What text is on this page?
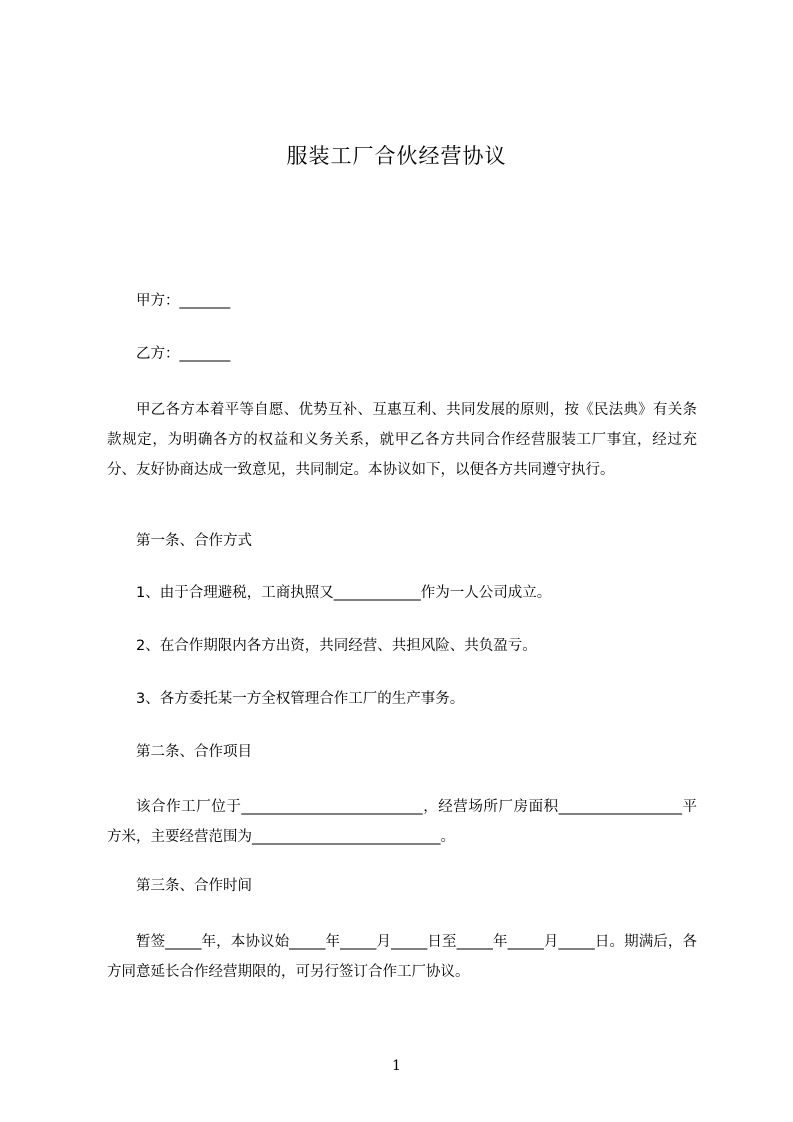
服装工厂合伙经营协议
甲方：_______
乙方：_______
甲乙各方本着平等自愿、优势互补、互惠互利、共同发展的原则，按《民法典》有关条款规定，为明确各方的权益和义务关系，就甲乙各方共同合作经营服装工厂事宜，经过充分、友好协商达成一致意见，共同制定。本协议如下，以便各方共同遵守执行。
第一条、合作方式
1、由于合理避税，工商执照又____________作为一人公司成立。
2、在合作期限内各方出资，共同经营、共担风险、共负盈亏。
3、各方委托某一方全权管理合作工厂的生产事务。
第二条、合作项目
该合作工厂位于_________________________，经营场所厂房面积_________________平方米，主要经营范围为__________________________。
第三条、合作时间
暂签_____年，本协议始_____年_____月_____日至_____年_____月_____日。期满后，各方同意延长合作经营期限的，可另行签订合作工厂协议。
1
